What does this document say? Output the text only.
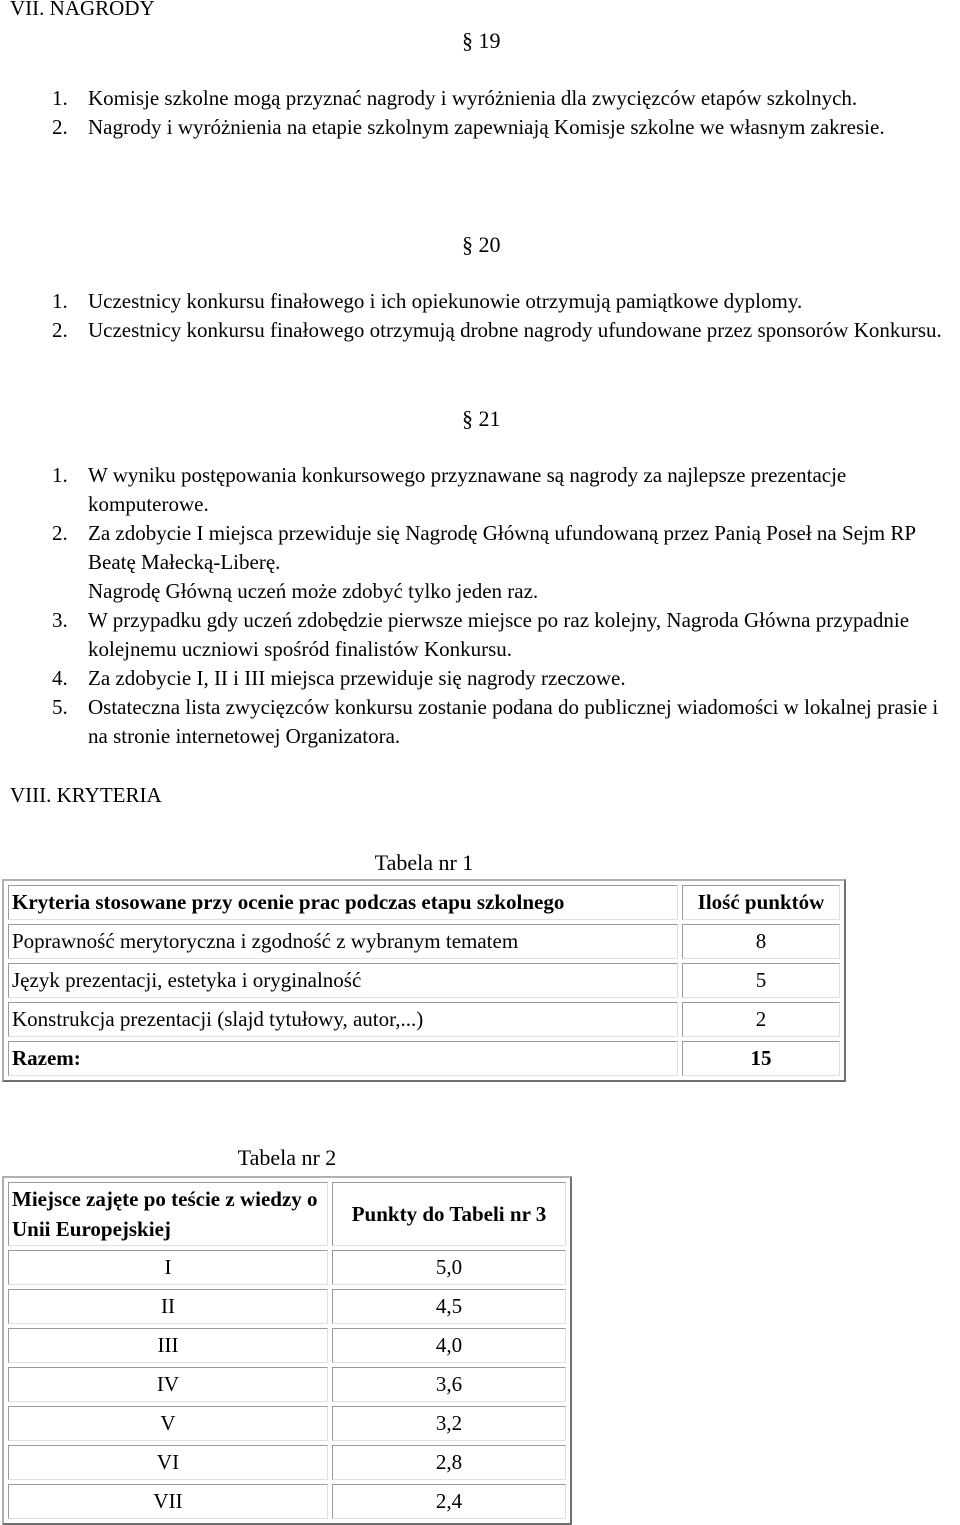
VII. NAGRODY
§ 19
1. Komisje szkolne mogą przyznać nagrody i wyróżnienia dla zwycięzców etapów szkolnych.
2. Nagrody i wyróżnienia na etapie szkolnym zapewniają Komisje szkolne we własnym zakresie.
§ 20
1. Uczestnicy konkursu finałowego i ich opiekunowie otrzymują pamiątkowe dyplomy.
2. Uczestnicy konkursu finałowego otrzymują drobne nagrody ufundowane przez sponsorów Konkursu.
§ 21
1. W wyniku postępowania konkursowego przyznawane są nagrody za najlepsze prezentacje komputerowe.
2. Za zdobycie I miejsca przewiduje się Nagrodę Główną ufundowaną przez Panią Poseł na Sejm RP Beatę Małecką-Liberę.
Nagrodę Główną uczeń może zdobyć tylko jeden raz.
3. W przypadku gdy uczeń zdobędzie pierwsze miejsce po raz kolejny, Nagroda Główna przypadnie kolejnemu uczniowi spośród finalistów Konkursu.
4. Za zdobycie I, II i III miejsca przewiduje się nagrody rzeczowe.
5. Ostateczna lista zwycięzców konkursu zostanie podana do publicznej wiadomości w lokalnej prasie i na stronie internetowej Organizatora.
VIII. KRYTERIA
Tabela nr 1
Kryteria stosowane przy ocenie prac podczas etapu szkolnego	Ilość punktów
Poprawność merytoryczna i zgodność z wybranym tematem	8
Język prezentacji, estetyka i oryginalność	5
Konstrukcja prezentacji (slajd tytułowy, autor,...)	2
Razem:	15
Tabela nr 2
Miejsce zajęte po teście z wiedzy o Unii Europejskiej	Punkty do Tabeli nr 3
I	5,0
II	4,5
III	4,0
IV	3,6
V	3,2
VI	2,8
VII	2,4
